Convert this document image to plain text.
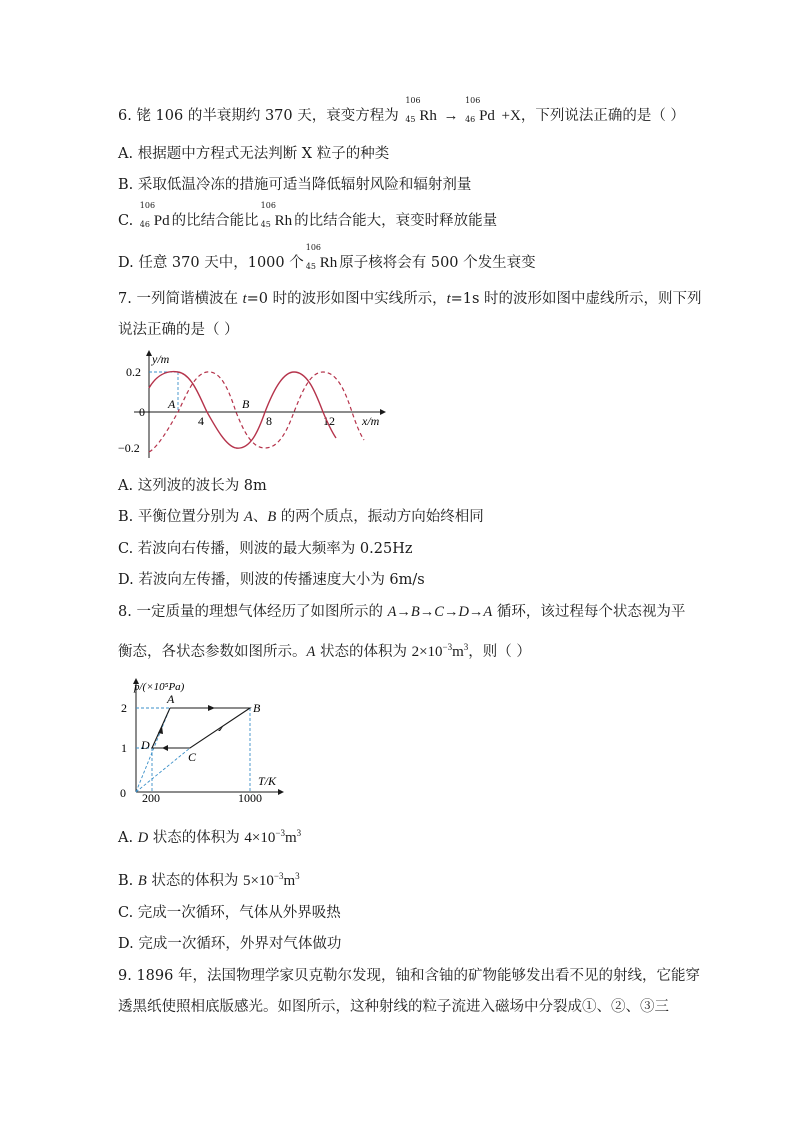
6. 铑 106 的半衰期约 370 天，衰变方程为
106
45 Rh →
106
46 Pd +X，下列说法正确的是（ ）
A. 根据题中方程式无法判断 X 粒子的种类
B. 采取低温冷冻的措施可适当降低辐射风险和辐射剂量
C.
106
46 Pd 的比结合能比
106
45 Rh 的比结合能大，衰变时释放能量
D. 任意 370 天中，1000 个
106
45 Rh 原子核将会有 500 个发生衰变
7. 一列简谐横波在 t=0 时的波形如图中实线所示，t=1s 时的波形如图中虚线所示，则下列
说法正确的是（ ）
y/m
x/m
0.2
0
−0.2
4	8	12
A	B
A. 这列波的波长为 8m
B. 平衡位置分别为 A、B 的两个质点，振动方向始终相同
C. 若波向右传播，则波的最大频率为 0.25Hz
D. 若波向左传播，则波的传播速度大小为 6m/s
8. 一定质量的理想气体经历了如图所示的 A→B→C→D→A 循环，该过程每个状态视为平
衡态，各状态参数如图所示。A 状态的体积为 $2\times 10^{-3}m^3$，则（ ）
p/(×10⁵Pa)
T/K
2
1
0 200	1000
A
B
C
D
A. D 状态的体积为 $4\times 10^{-3}m^3$
B. B 状态的体积为 $5\times 10^{-3}m^3$
C. 完成一次循环，气体从外界吸热
D. 完成一次循环，外界对气体做功
9. 1896 年，法国物理学家贝克勒尔发现，铀和含铀的矿物能够发出看不见的射线，它能穿
透黑纸使照相底版感光。如图所示，这种射线的粒子流进入磁场中分裂成①、②、③三
